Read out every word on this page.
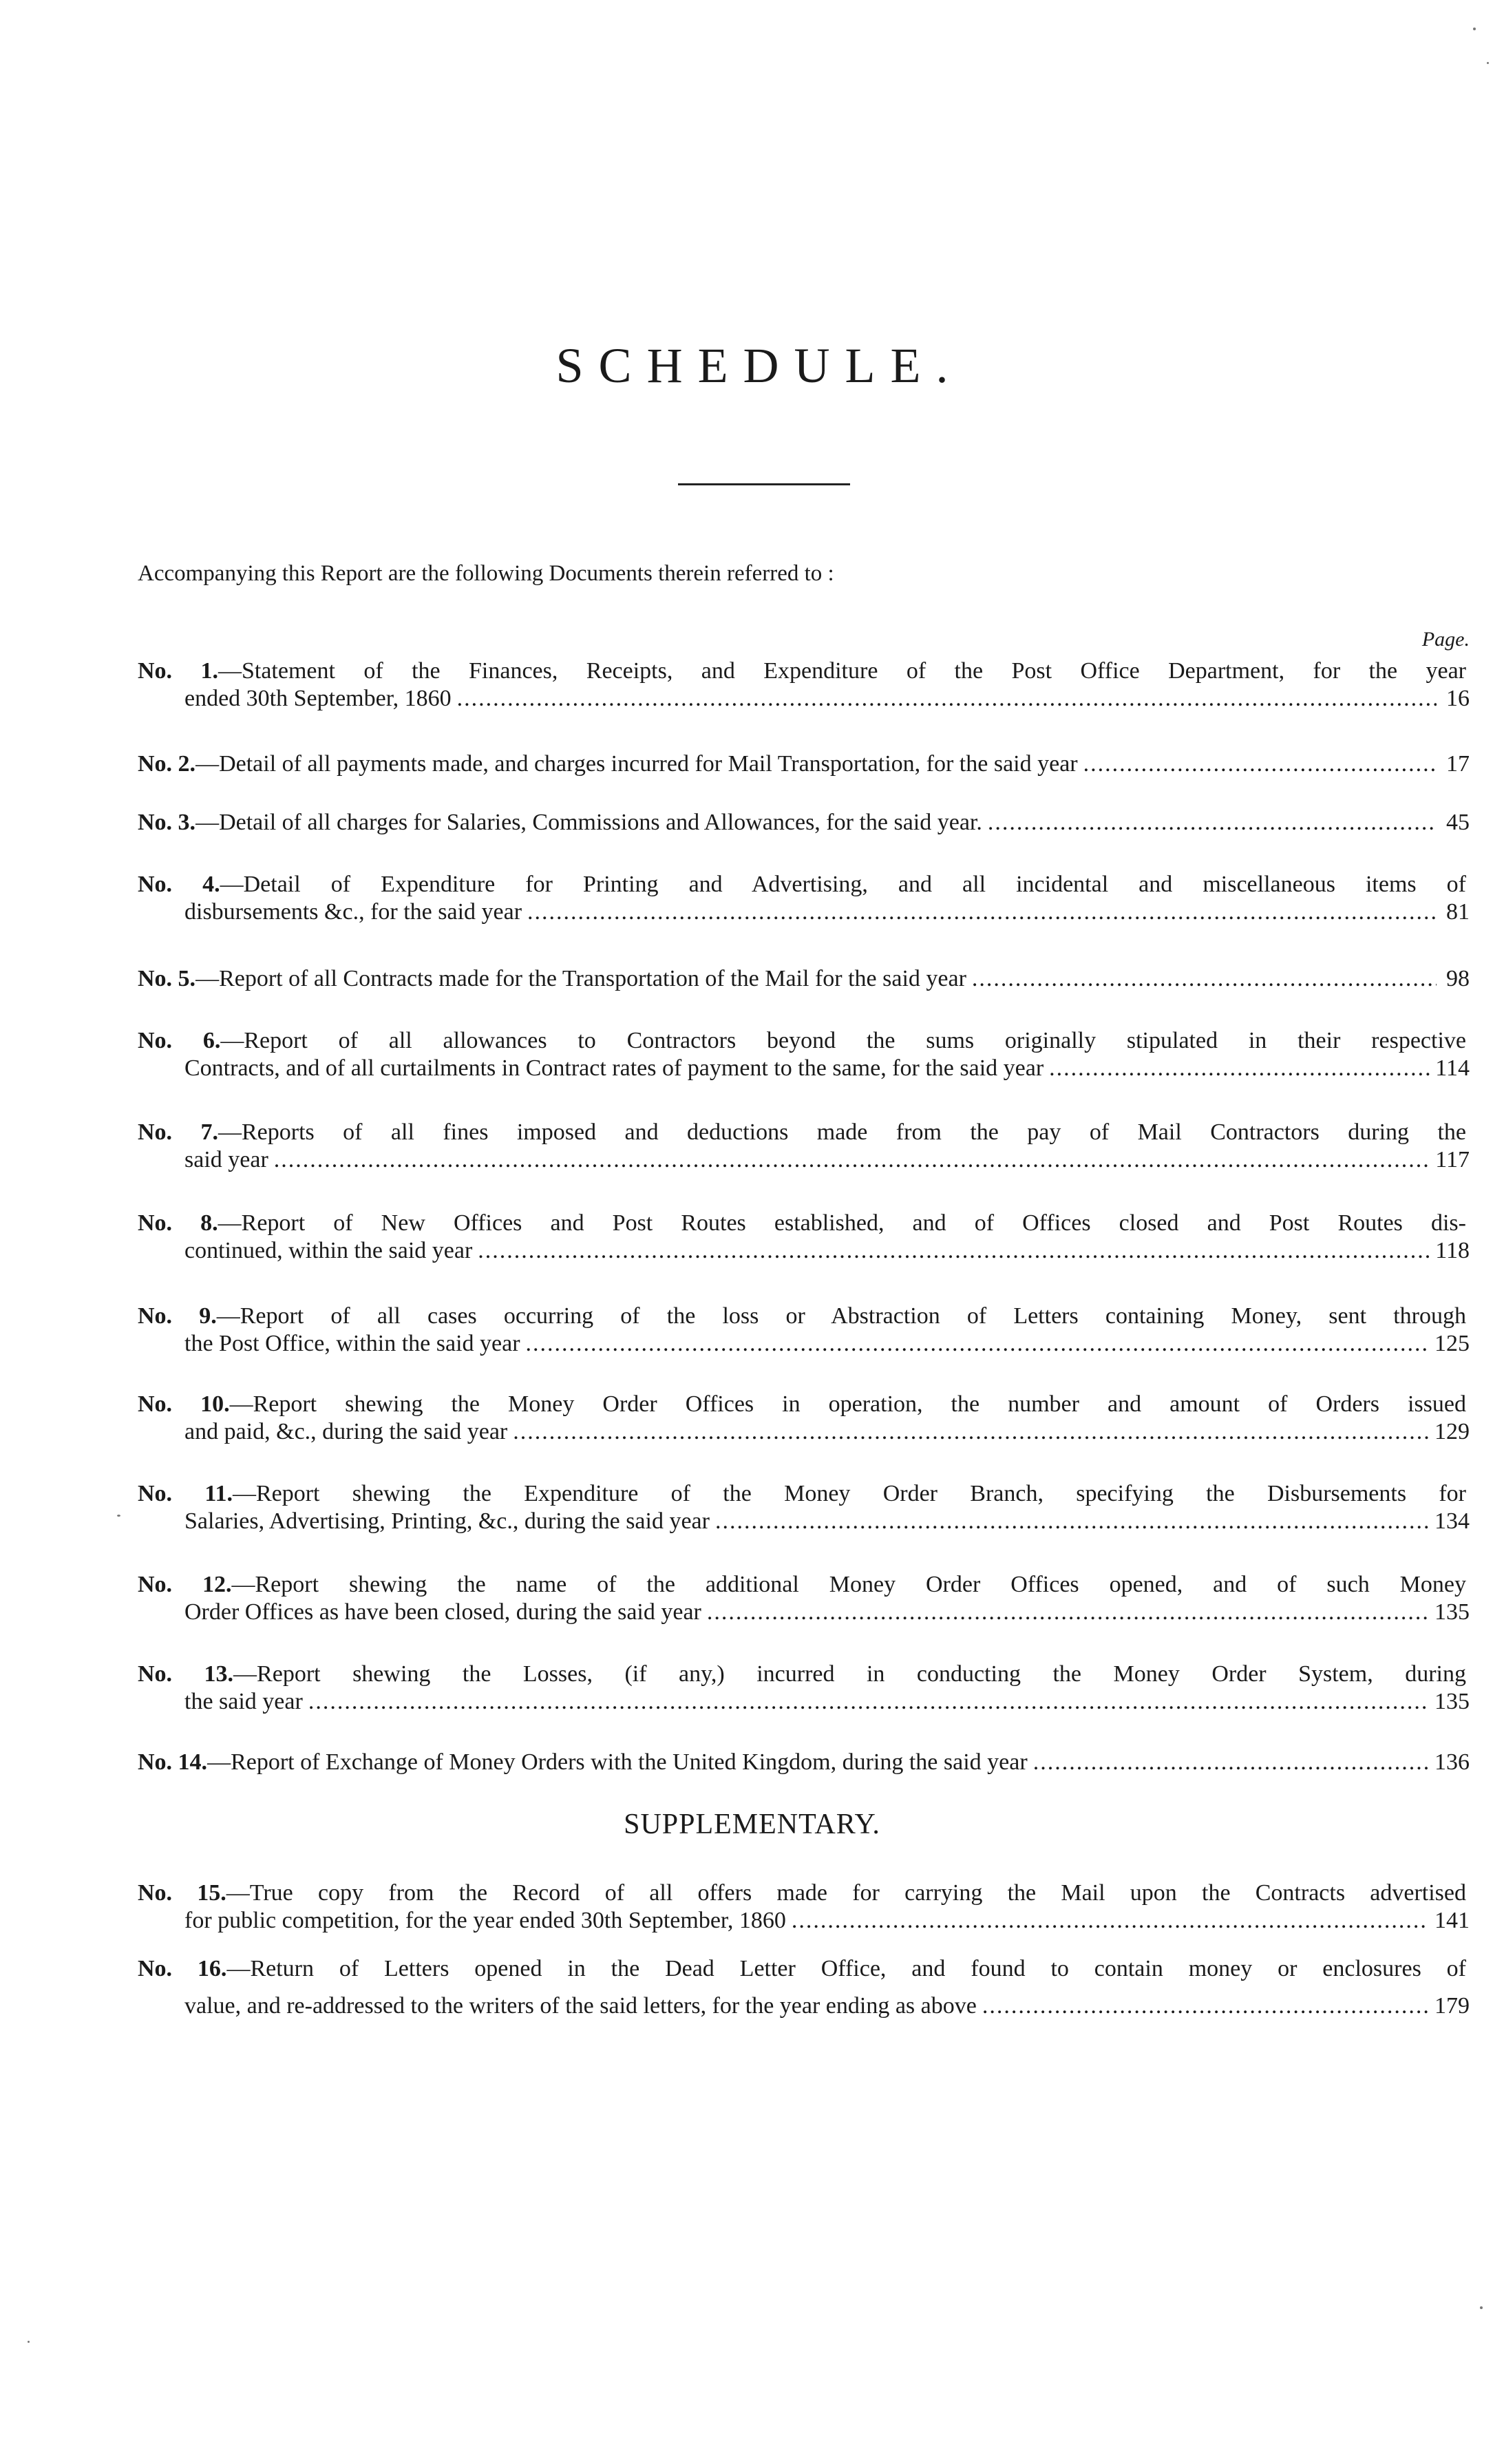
SCHEDULE.
Accompanying this Report are the following Documents therein referred to :
Page.
No. 1.—Statement of the Finances, Receipts, and Expenditure of the Post Office Department, for the year
ended 30th September, 1860 .....	16
No. 2.—Detail of all payments made, and charges incurred for Mail Transportation, for the said year .....	17
No. 3.—Detail of all charges for Salaries, Commissions and Allowances, for the said year. .....	45
No. 4.—Detail of Expenditure for Printing and Advertising, and all incidental and miscellaneous items of
disbursements &c., for the said year .....	81
No. 5.—Report of all Contracts made for the Transportation of the Mail for the said year .....	98
No. 6.—Report of all allowances to Contractors beyond the sums originally stipulated in their respective
Contracts, and of all curtailments in Contract rates of payment to the same, for the said year .....	114
No. 7.—Reports of all fines imposed and deductions made from the pay of Mail Contractors during the
said year .....	117
No. 8.—Report of New Offices and Post Routes established, and of Offices closed and Post Routes dis-
continued, within the said year .....	118
No. 9.—Report of all cases occurring of the loss or Abstraction of Letters containing Money, sent through
the Post Office, within the said year .....	125
No. 10.—Report shewing the Money Order Offices in operation, the number and amount of Orders issued
and paid, &c., during the said year .....	129
No. 11.—Report shewing the Expenditure of the Money Order Branch, specifying the Disbursements for
Salaries, Advertising, Printing, &c., during the said year .....	134
No. 12.—Report shewing the name of the additional Money Order Offices opened, and of such Money
Order Offices as have been closed, during the said year .....	135
No. 13.—Report shewing the Losses, (if any,) incurred in conducting the Money Order System, during
the said year .....	135
No. 14.—Report of Exchange of Money Orders with the United Kingdom, during the said year .....	136
SUPPLEMENTARY.
No. 15.—True copy from the Record of all offers made for carrying the Mail upon the Contracts advertised
for public competition, for the year ended 30th September, 1860 .....	141
No. 16.—Return of Letters opened in the Dead Letter Office, and found to contain money or enclosures of
value, and re-addressed to the writers of the said letters, for the year ending as above .....	179
